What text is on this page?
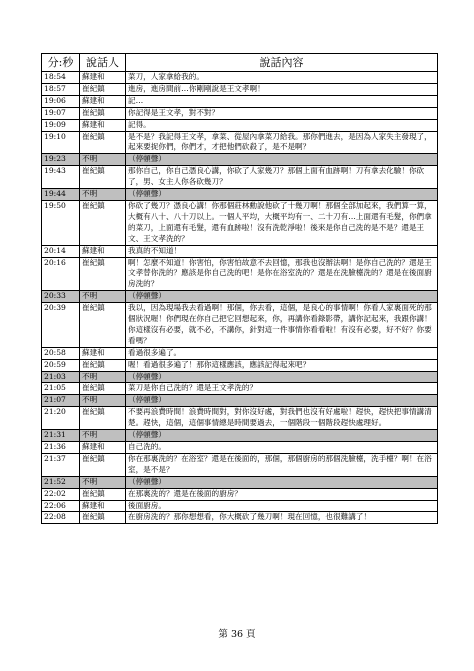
分:秒	說話人	說話內容
18:54	蘇建和	菜刀，人家拿給我的。
18:57	崔紀鎮	進房，進房間前…你剛剛說是王文孝啊！
19:06	蘇建和	記…
19:07	崔紀鎮	你記得是王文孝，對不對？
19:09	蘇建和	記得。
19:10	崔紀鎮	是不是？我記得王文孝，拿菜、從屋內拿菜刀給我。那你們進去，是因為人家失主發現了，起來要捉你們，你們才，才把他們砍殺了，是不是啊？
19:23	不明	（停頓聲）
19:43	崔紀鎮	那你自己，你自己憑良心講，你砍了人家幾刀？那個上面有血跡啊！刀有拿去化驗！你砍了，男、女主人你各砍幾刀？
19:44	不明	（停頓聲）
19:50	崔紀鎮	你砍了幾刀？憑良心講！你那個莊林勳說他砍了十幾刀啊！那個全部加起來，我們算一算，大概有八十、八十刀以上。一個人平均，大概平均有一、二十刀有…上面還有毛髮，你們拿的菜刀，上面還有毛髮，還有血跡啦！沒有洗乾淨啦！後來是你自己洗的是不是？還是王文、王文孝洗的？
20:14	蘇建和	我真的不知道！
20:16	崔紀鎮	啊！怎麼不知道！你害怕，你害怕故意不去回憶，那我也沒辦法啊！是你自己洗的？還是王文孝替你洗的？應該是你自己洗的吧！是你在浴室洗的？還是在洗臉檯洗的？還是在後面廚房洗的？
20:33	不明	（停頓聲）
20:39	崔紀鎮	我以，因為現場我去看過啊！那個，你去看，這個，是良心的事情啊！你看人家裏面死的那個狀況喔！你們現在你自己把它回想起來，你，再講你看錄影帶，講你記起來，我跟你講！你這樣沒有必要，就不必，不講你，針對這一件事情你看看啦！有沒有必要，好不好？你要看嗎？
20:58	蘇建和	看過很多遍了。
20:59	崔紀鎮	喔！看過很多遍了！那你這樣應該，應該記得起來吧？
21:03	不明	（停頓聲）
21:05	崔紀鎮	菜刀是你自己洗的？還是王文孝洗的？
21:07	不明	（停頓聲）
21:20	崔紀鎮	不要再浪費時間！浪費時間對，對你沒好處，對我們也沒有好處啦！趕快，趕快把事情講清楚。趕快，這個，這個事情總是時間要過去，一個階段一個階段趕快處理好。
21:31	不明	（停頓聲）
21:36	蘇建和	自己洗的。
21:37	崔紀鎮	你在那裏洗的？在浴室？還是在後面的，那個，那個廚房的那個洗臉檯，洗手檯？啊！在浴室，是不是？
21:52	不明	（停頓聲）
22:02	崔紀鎮	在那裏洗的？還是在後面的廚房？
22:06	蘇建和	後面廚房。
22:08	崔紀鎮	在廚房洗的？那你想想看，你大概砍了幾刀啊！現在回憶，也很難講了！
第 36 頁
